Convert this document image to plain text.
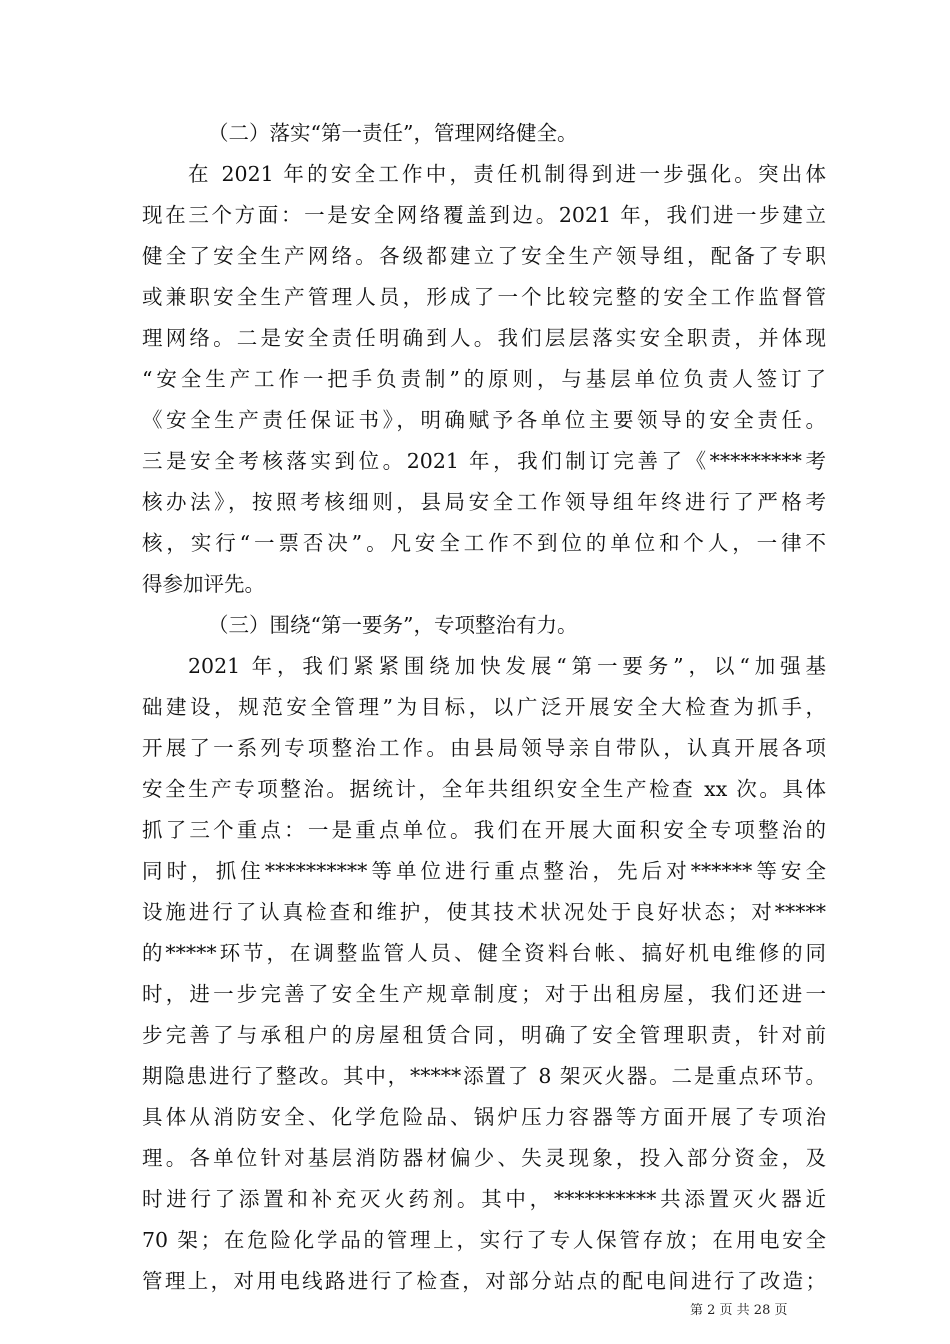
（二）落实“第一责任”，管理网络健全。
在 2021 年的安全工作中，责任机制得到进一步强化。突出体
现在三个方面：一是安全网络覆盖到边。2021 年，我们进一步建立
健全了安全生产网络。各级都建立了安全生产领导组，配备了专职
或兼职安全生产管理人员，形成了一个比较完整的安全工作监督管
理网络。二是安全责任明确到人。我们层层落实安全职责，并体现
“安全生产工作一把手负责制”的原则，与基层单位负责人签订了
《安全生产责任保证书》，明确赋予各单位主要领导的安全责任。
三是安全考核落实到位。2021 年，我们制订完善了《*********考
核办法》，按照考核细则，县局安全工作领导组年终进行了严格考
核，实行“一票否决”。凡安全工作不到位的单位和个人，一律不
得参加评先。
（三）围绕“第一要务”，专项整治有力。
2021 年，我们紧紧围绕加快发展“第一要务”，以“加强基
础建设，规范安全管理”为目标，以广泛开展安全大检查为抓手，
开展了一系列专项整治工作。由县局领导亲自带队，认真开展各项
安全生产专项整治。据统计，全年共组织安全生产检查 xx 次。具体
抓了三个重点：一是重点单位。我们在开展大面积安全专项整治的
同时，抓住**********等单位进行重点整治，先后对******等安全
设施进行了认真检查和维护，使其技术状况处于良好状态；对*****
的*****环节，在调整监管人员、健全资料台帐、搞好机电维修的同
时，进一步完善了安全生产规章制度；对于出租房屋，我们还进一
步完善了与承租户的房屋租赁合同，明确了安全管理职责，针对前
期隐患进行了整改。其中，*****添置了 8 架灭火器。二是重点环节。
具体从消防安全、化学危险品、锅炉压力容器等方面开展了专项治
理。各单位针对基层消防器材偏少、失灵现象，投入部分资金，及
时进行了添置和补充灭火药剂。其中，**********共添置灭火器近
70 架；在危险化学品的管理上，实行了专人保管存放；在用电安全
管理上，对用电线路进行了检查，对部分站点的配电间进行了改造；
第 2 页 共 28 页
